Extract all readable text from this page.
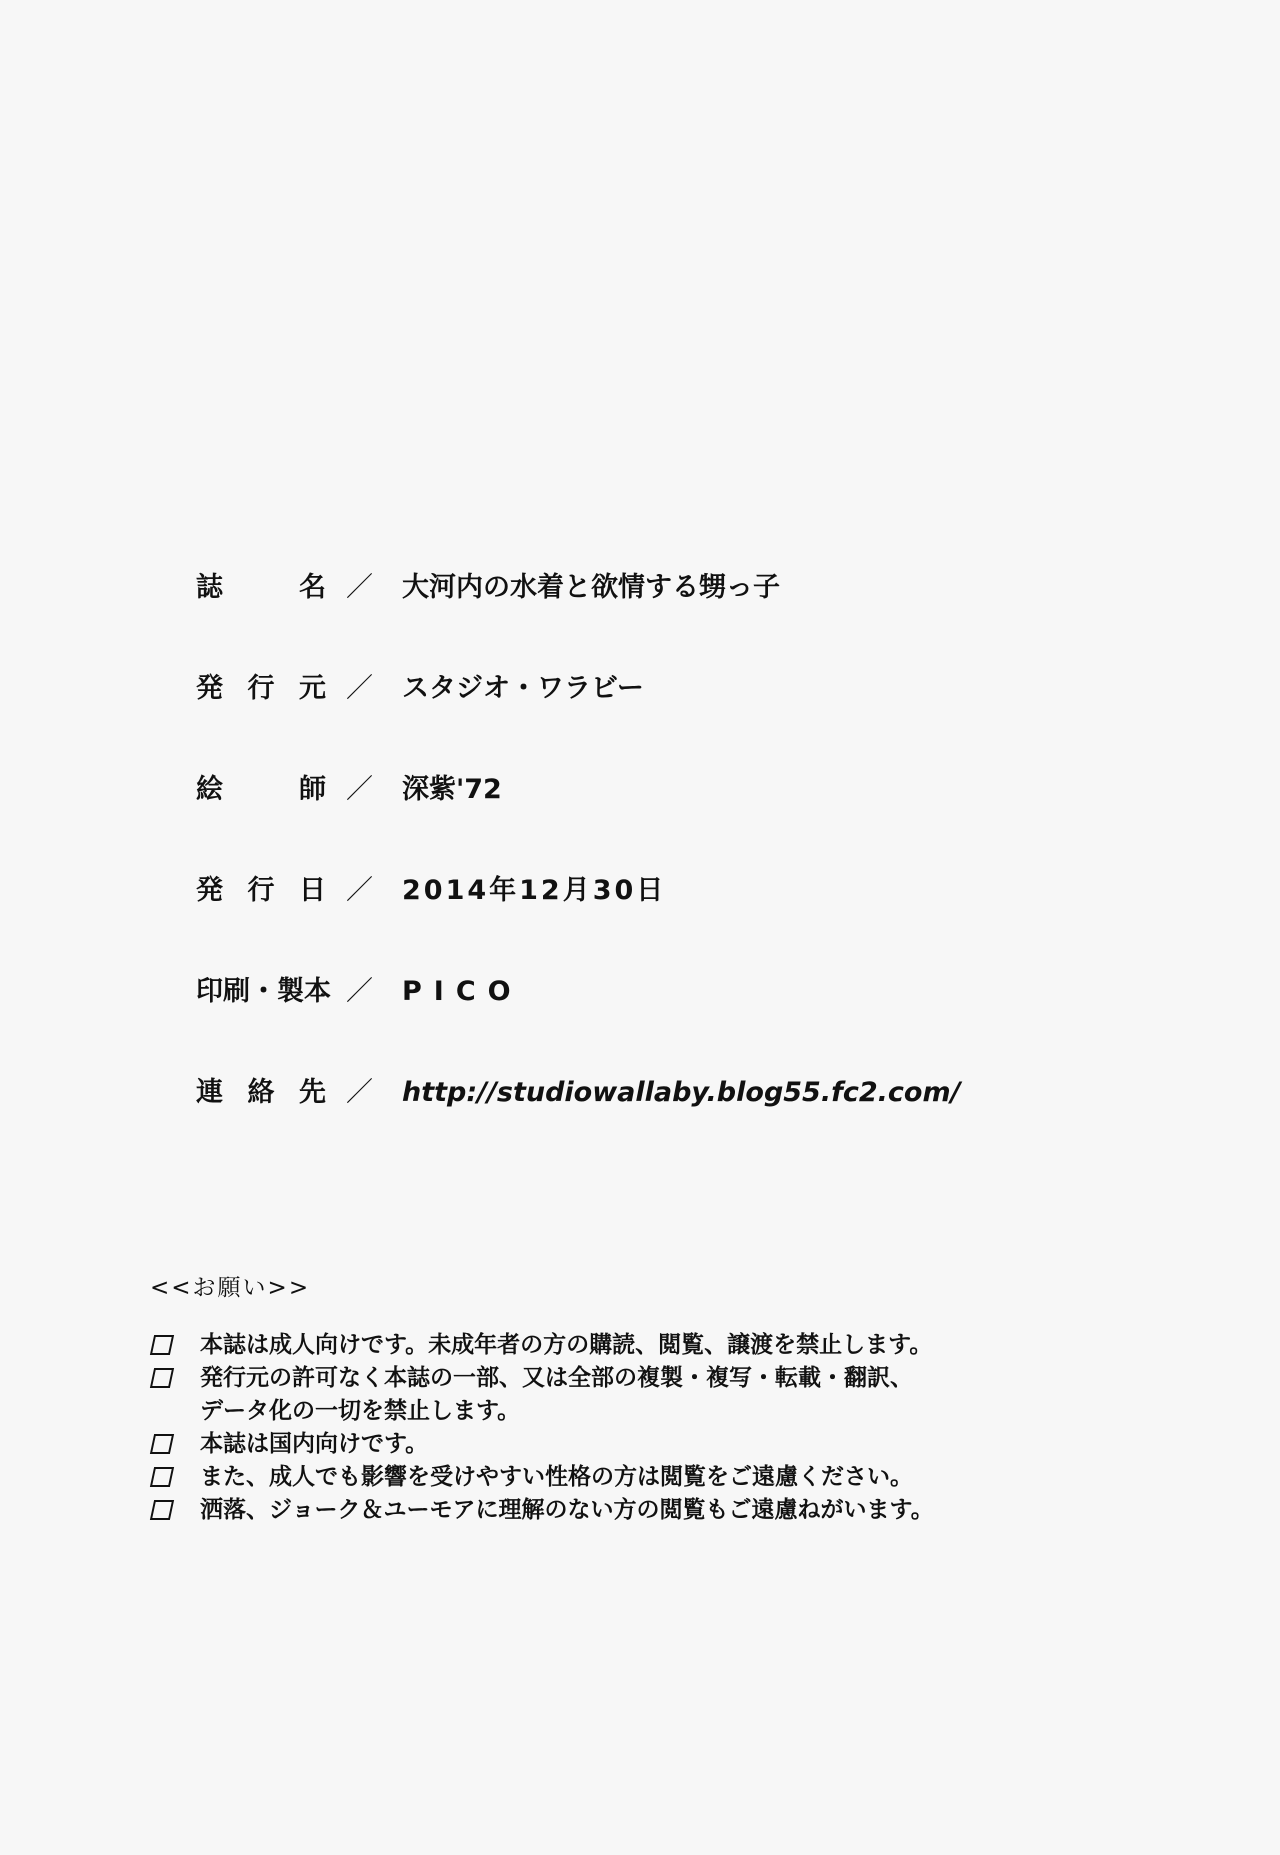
誌	名 ／ 大河内の水着と欲情する甥っ子
発 行 元 ／ スタジオ・ワラビー
絵	師 ／ 深紫'72
発 行 日 ／ 2014年12月30日
印刷・製本 ／ PICO
連 絡 先 ／ http://studiowallaby.blog55.fc2.com/
<<お願い>>
本誌は成人向けです。未成年者の方の購読、閲覧、譲渡を禁止します。
発行元の許可なく本誌の一部、又は全部の複製・複写・転載・翻訳、
データ化の一切を禁止します。
本誌は国内向けです。
また、成人でも影響を受けやすい性格の方は閲覧をご遠慮ください。
洒落、ジョーク＆ユーモアに理解のない方の閲覧もご遠慮ねがいます。
